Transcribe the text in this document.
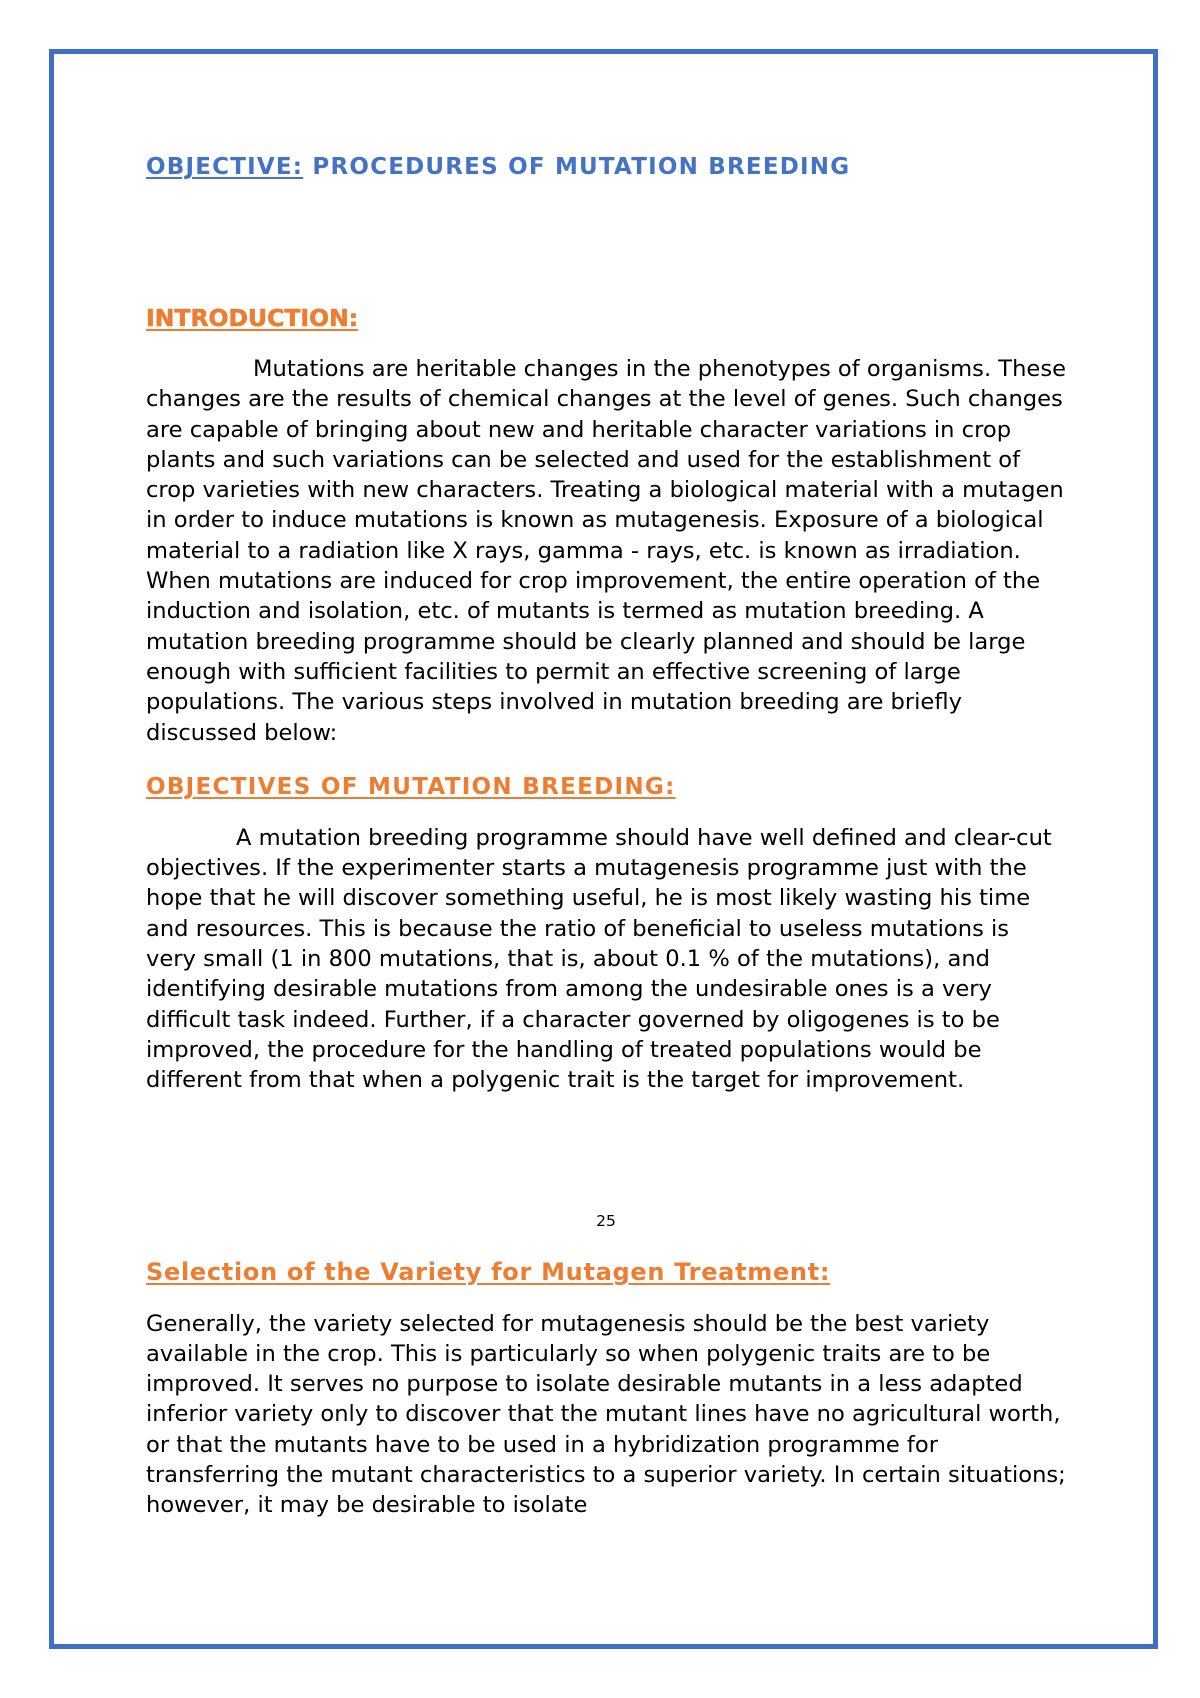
OBJECTIVE: PROCEDURES OF MUTATION BREEDING
INTRODUCTION:

Mutations are heritable changes in the phenotypes of organisms. These changes are the results of chemical changes at the level of genes. Such changes are capable of bringing about new and heritable character variations in crop plants and such variations can be selected and used for the establishment of crop varieties with new characters. Treating a biological material with a mutagen in order to induce mutations is known as mutagenesis. Exposure of a biological material to a radiation like X rays, gamma - rays, etc. is known as irradiation. When mutations are induced for crop improvement, the entire operation of the induction and isolation, etc. of mutants is termed as mutation breeding. A mutation breeding programme should be clearly planned and should be large enough with sufficient facilities to permit an effective screening of large populations. The various steps involved in mutation breeding are briefly discussed below:

OBJECTIVES OF MUTATION BREEDING:

A mutation breeding programme should have well defined and clear-cut objectives. If the experimenter starts a mutagenesis programme just with the hope that he will discover something useful, he is most likely wasting his time and resources. This is because the ratio of beneficial to useless mutations is very small (1 in 800 mutations, that is, about 0.1 % of the mutations), and identifying desirable mutations from among the undesirable ones is a very difficult task indeed. Further, if a character governed by oligogenes is to be improved, the procedure for the handling of treated populations would be different from that when a polygenic trait is the target for improvement.

25
Selection of the Variety for Mutagen Treatment:

Generally, the variety selected for mutagenesis should be the best variety available in the crop. This is particularly so when polygenic traits are to be improved. It serves no purpose to isolate desirable mutants in a less adapted inferior variety only to discover that the mutant lines have no agricultural worth, or that the mutants have to be used in a hybridization programme for transferring the mutant characteristics to a superior variety. In certain situations; however, it may be desirable to isolate
